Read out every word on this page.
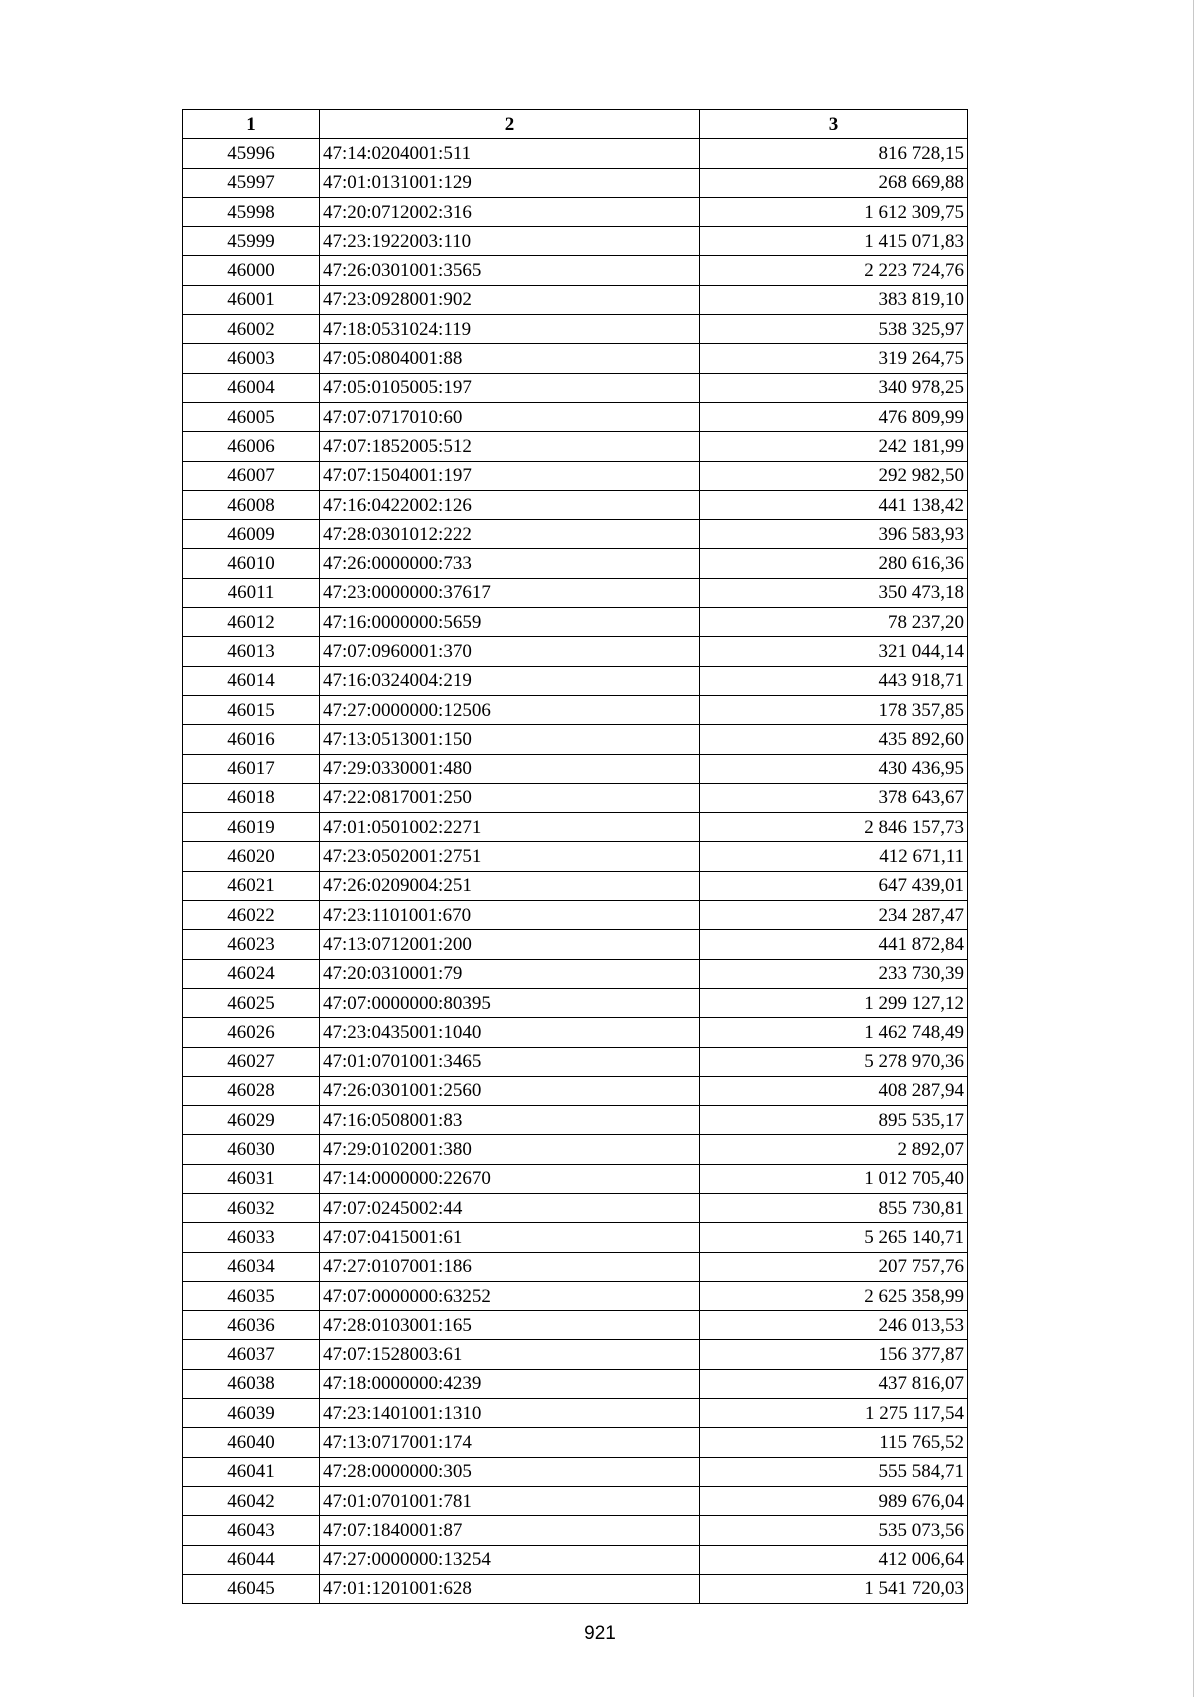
1	2	3
45996	47:14:0204001:511	816 728,15
45997	47:01:0131001:129	268 669,88
45998	47:20:0712002:316	1 612 309,75
45999	47:23:1922003:110	1 415 071,83
46000	47:26:0301001:3565	2 223 724,76
46001	47:23:0928001:902	383 819,10
46002	47:18:0531024:119	538 325,97
46003	47:05:0804001:88	319 264,75
46004	47:05:0105005:197	340 978,25
46005	47:07:0717010:60	476 809,99
46006	47:07:1852005:512	242 181,99
46007	47:07:1504001:197	292 982,50
46008	47:16:0422002:126	441 138,42
46009	47:28:0301012:222	396 583,93
46010	47:26:0000000:733	280 616,36
46011	47:23:0000000:37617	350 473,18
46012	47:16:0000000:5659	78 237,20
46013	47:07:0960001:370	321 044,14
46014	47:16:0324004:219	443 918,71
46015	47:27:0000000:12506	178 357,85
46016	47:13:0513001:150	435 892,60
46017	47:29:0330001:480	430 436,95
46018	47:22:0817001:250	378 643,67
46019	47:01:0501002:2271	2 846 157,73
46020	47:23:0502001:2751	412 671,11
46021	47:26:0209004:251	647 439,01
46022	47:23:1101001:670	234 287,47
46023	47:13:0712001:200	441 872,84
46024	47:20:0310001:79	233 730,39
46025	47:07:0000000:80395	1 299 127,12
46026	47:23:0435001:1040	1 462 748,49
46027	47:01:0701001:3465	5 278 970,36
46028	47:26:0301001:2560	408 287,94
46029	47:16:0508001:83	895 535,17
46030	47:29:0102001:380	2 892,07
46031	47:14:0000000:22670	1 012 705,40
46032	47:07:0245002:44	855 730,81
46033	47:07:0415001:61	5 265 140,71
46034	47:27:0107001:186	207 757,76
46035	47:07:0000000:63252	2 625 358,99
46036	47:28:0103001:165	246 013,53
46037	47:07:1528003:61	156 377,87
46038	47:18:0000000:4239	437 816,07
46039	47:23:1401001:1310	1 275 117,54
46040	47:13:0717001:174	115 765,52
46041	47:28:0000000:305	555 584,71
46042	47:01:0701001:781	989 676,04
46043	47:07:1840001:87	535 073,56
46044	47:27:0000000:13254	412 006,64
46045	47:01:1201001:628	1 541 720,03
921
